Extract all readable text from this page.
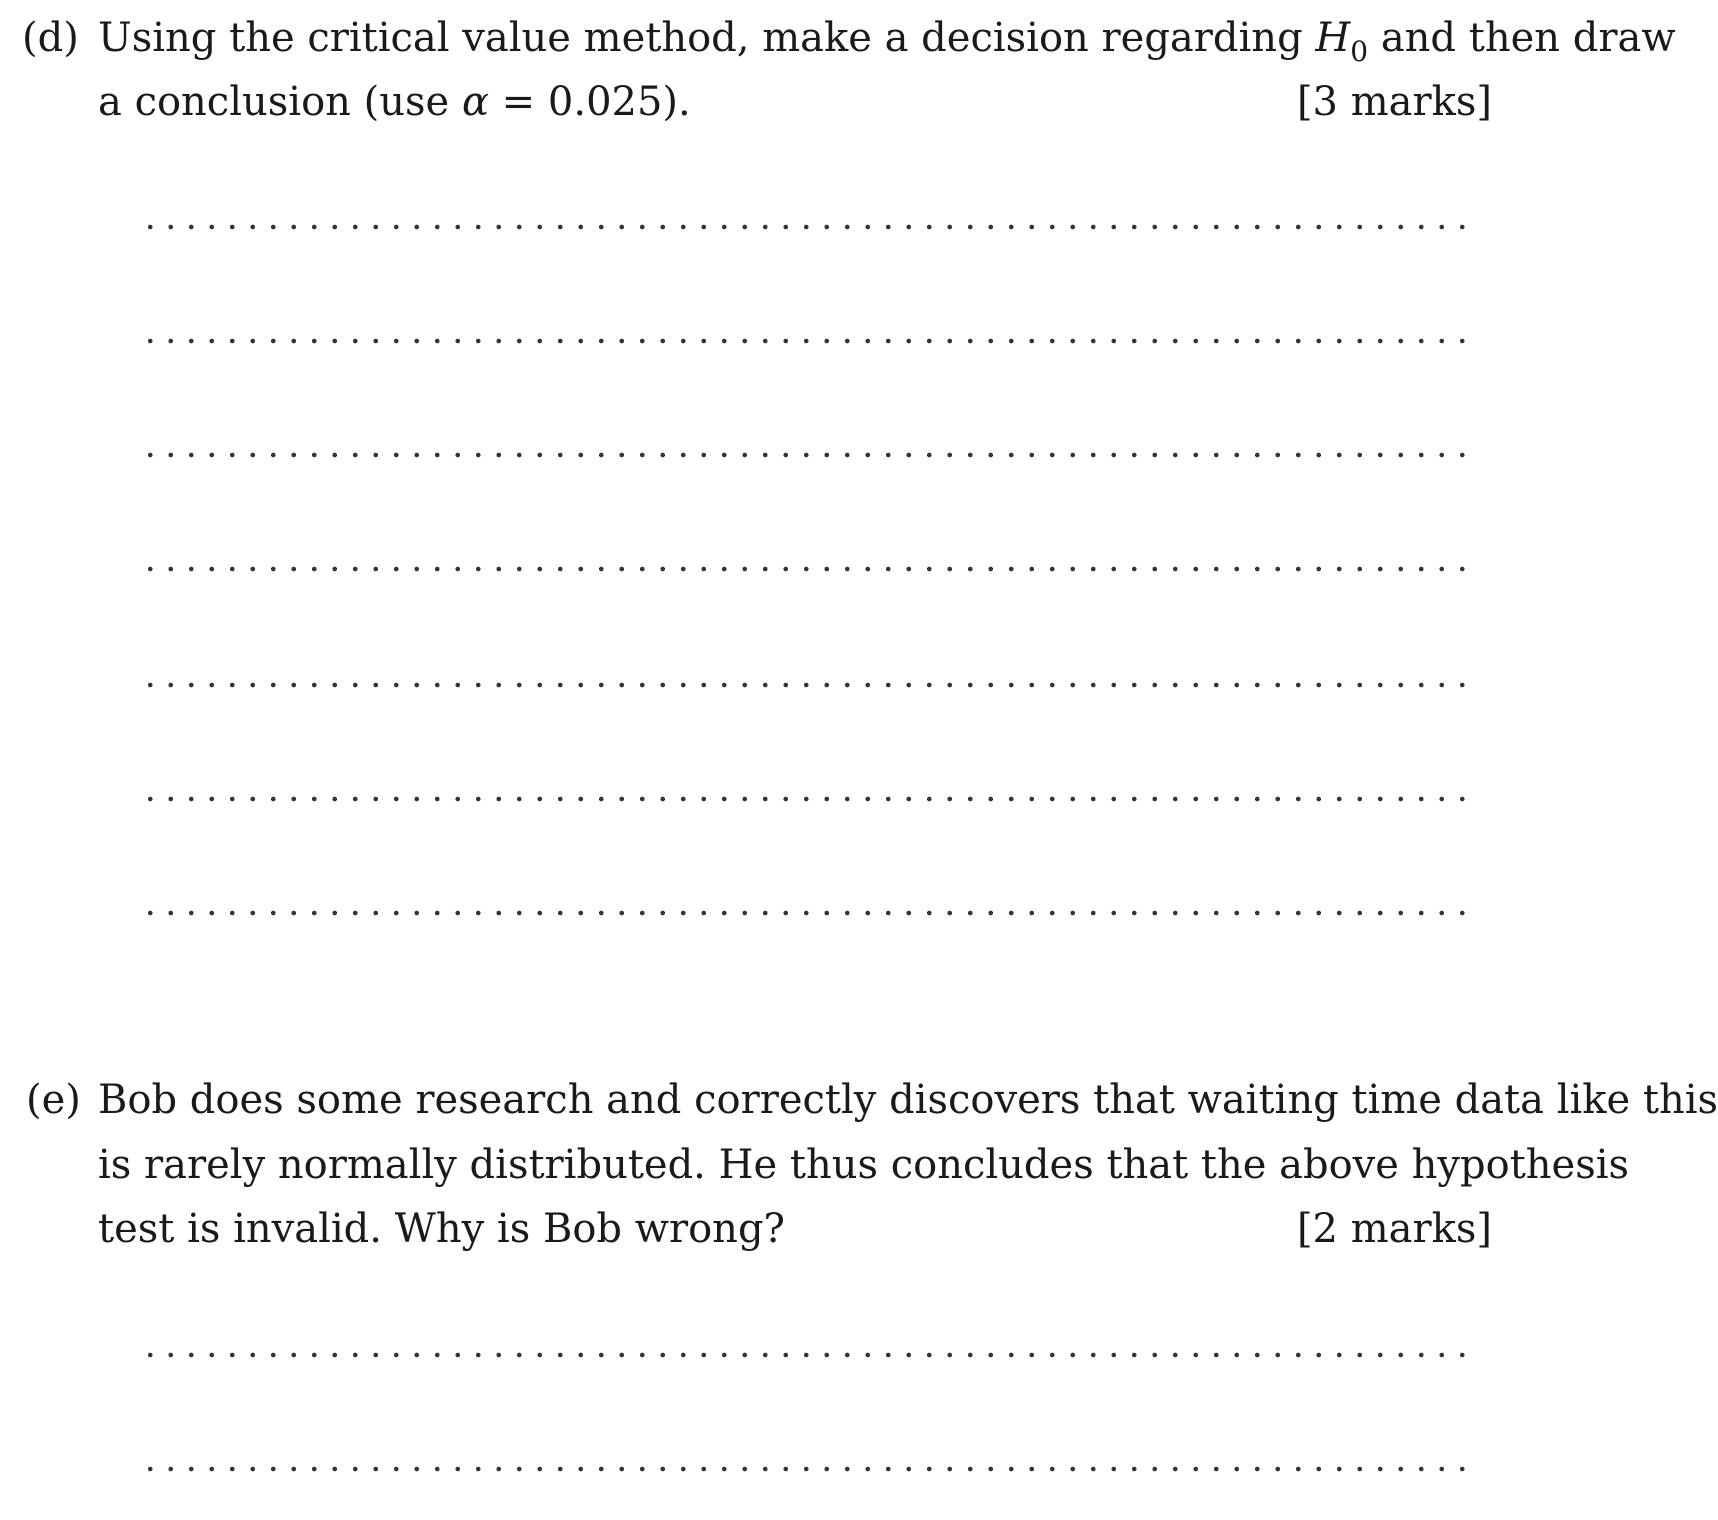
(d) Using the critical value method, make a decision regarding $H_0$ and then draw
a conclusion (use α = 0.025).	[3 marks]
(e) Bob does some research and correctly discovers that waiting time data like this
is rarely normally distributed. He thus concludes that the above hypothesis
test is invalid. Why is Bob wrong?	[2 marks]
